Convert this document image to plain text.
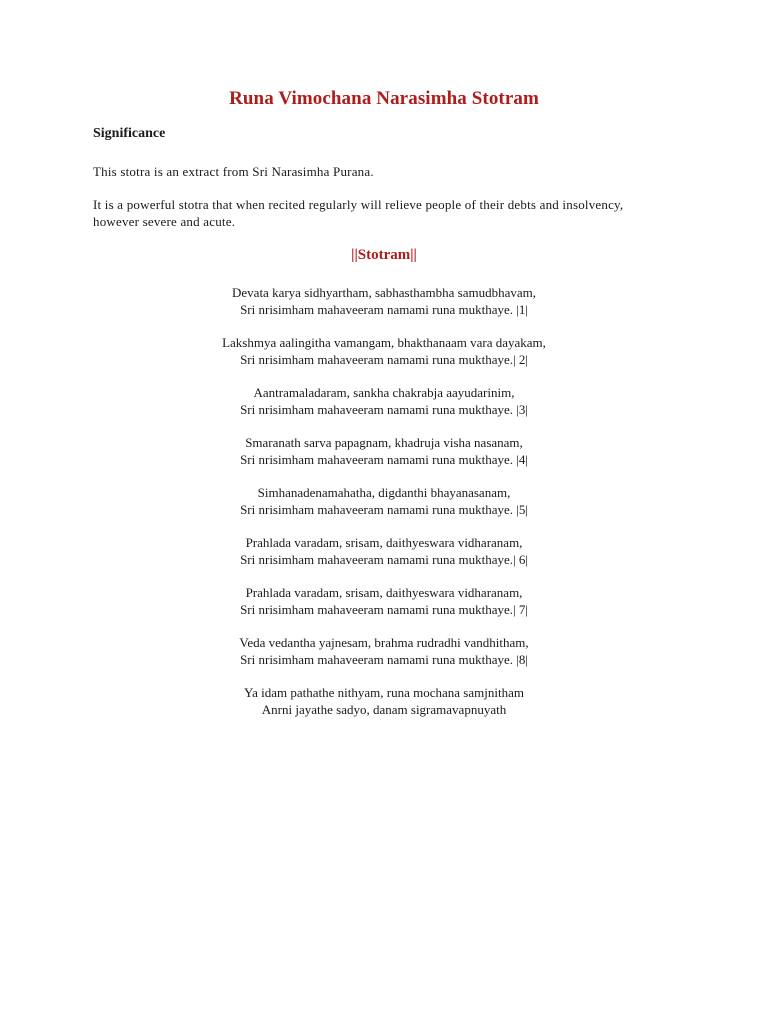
Runa Vimochana Narasimha Stotram
Significance

This stotra is an extract from Sri Narasimha Purana.

It is a powerful stotra that when recited regularly will relieve people of their debts and insolvency, however severe and acute.

||Stotram||

Devata karya sidhyartham, sabhasthambha samudbhavam,
Sri nrisimham mahaveeram namami runa mukthaye. |1|

Lakshmya aalingitha vamangam, bhakthanaam vara dayakam,
Sri nrisimham mahaveeram namami runa mukthaye.| 2|

Aantramaladaram, sankha chakrabja aayudarinim,
Sri nrisimham mahaveeram namami runa mukthaye. |3|

Smaranath sarva papagnam, khadruja visha nasanam,
Sri nrisimham mahaveeram namami runa mukthaye. |4|

Simhanadenamahatha, digdanthi bhayanasanam,
Sri nrisimham mahaveeram namami runa mukthaye. |5|

Prahlada varadam, srisam, daithyeswara vidharanam,
Sri nrisimham mahaveeram namami runa mukthaye.| 6|

Prahlada varadam, srisam, daithyeswara vidharanam,
Sri nrisimham mahaveeram namami runa mukthaye.| 7|

Veda vedantha yajnesam, brahma rudradhi vandhitham,
Sri nrisimham mahaveeram namami runa mukthaye. |8|

Ya idam pathathe nithyam, runa mochana samjnitham
Anrni jayathe sadyo, danam sigramavapnuyath
